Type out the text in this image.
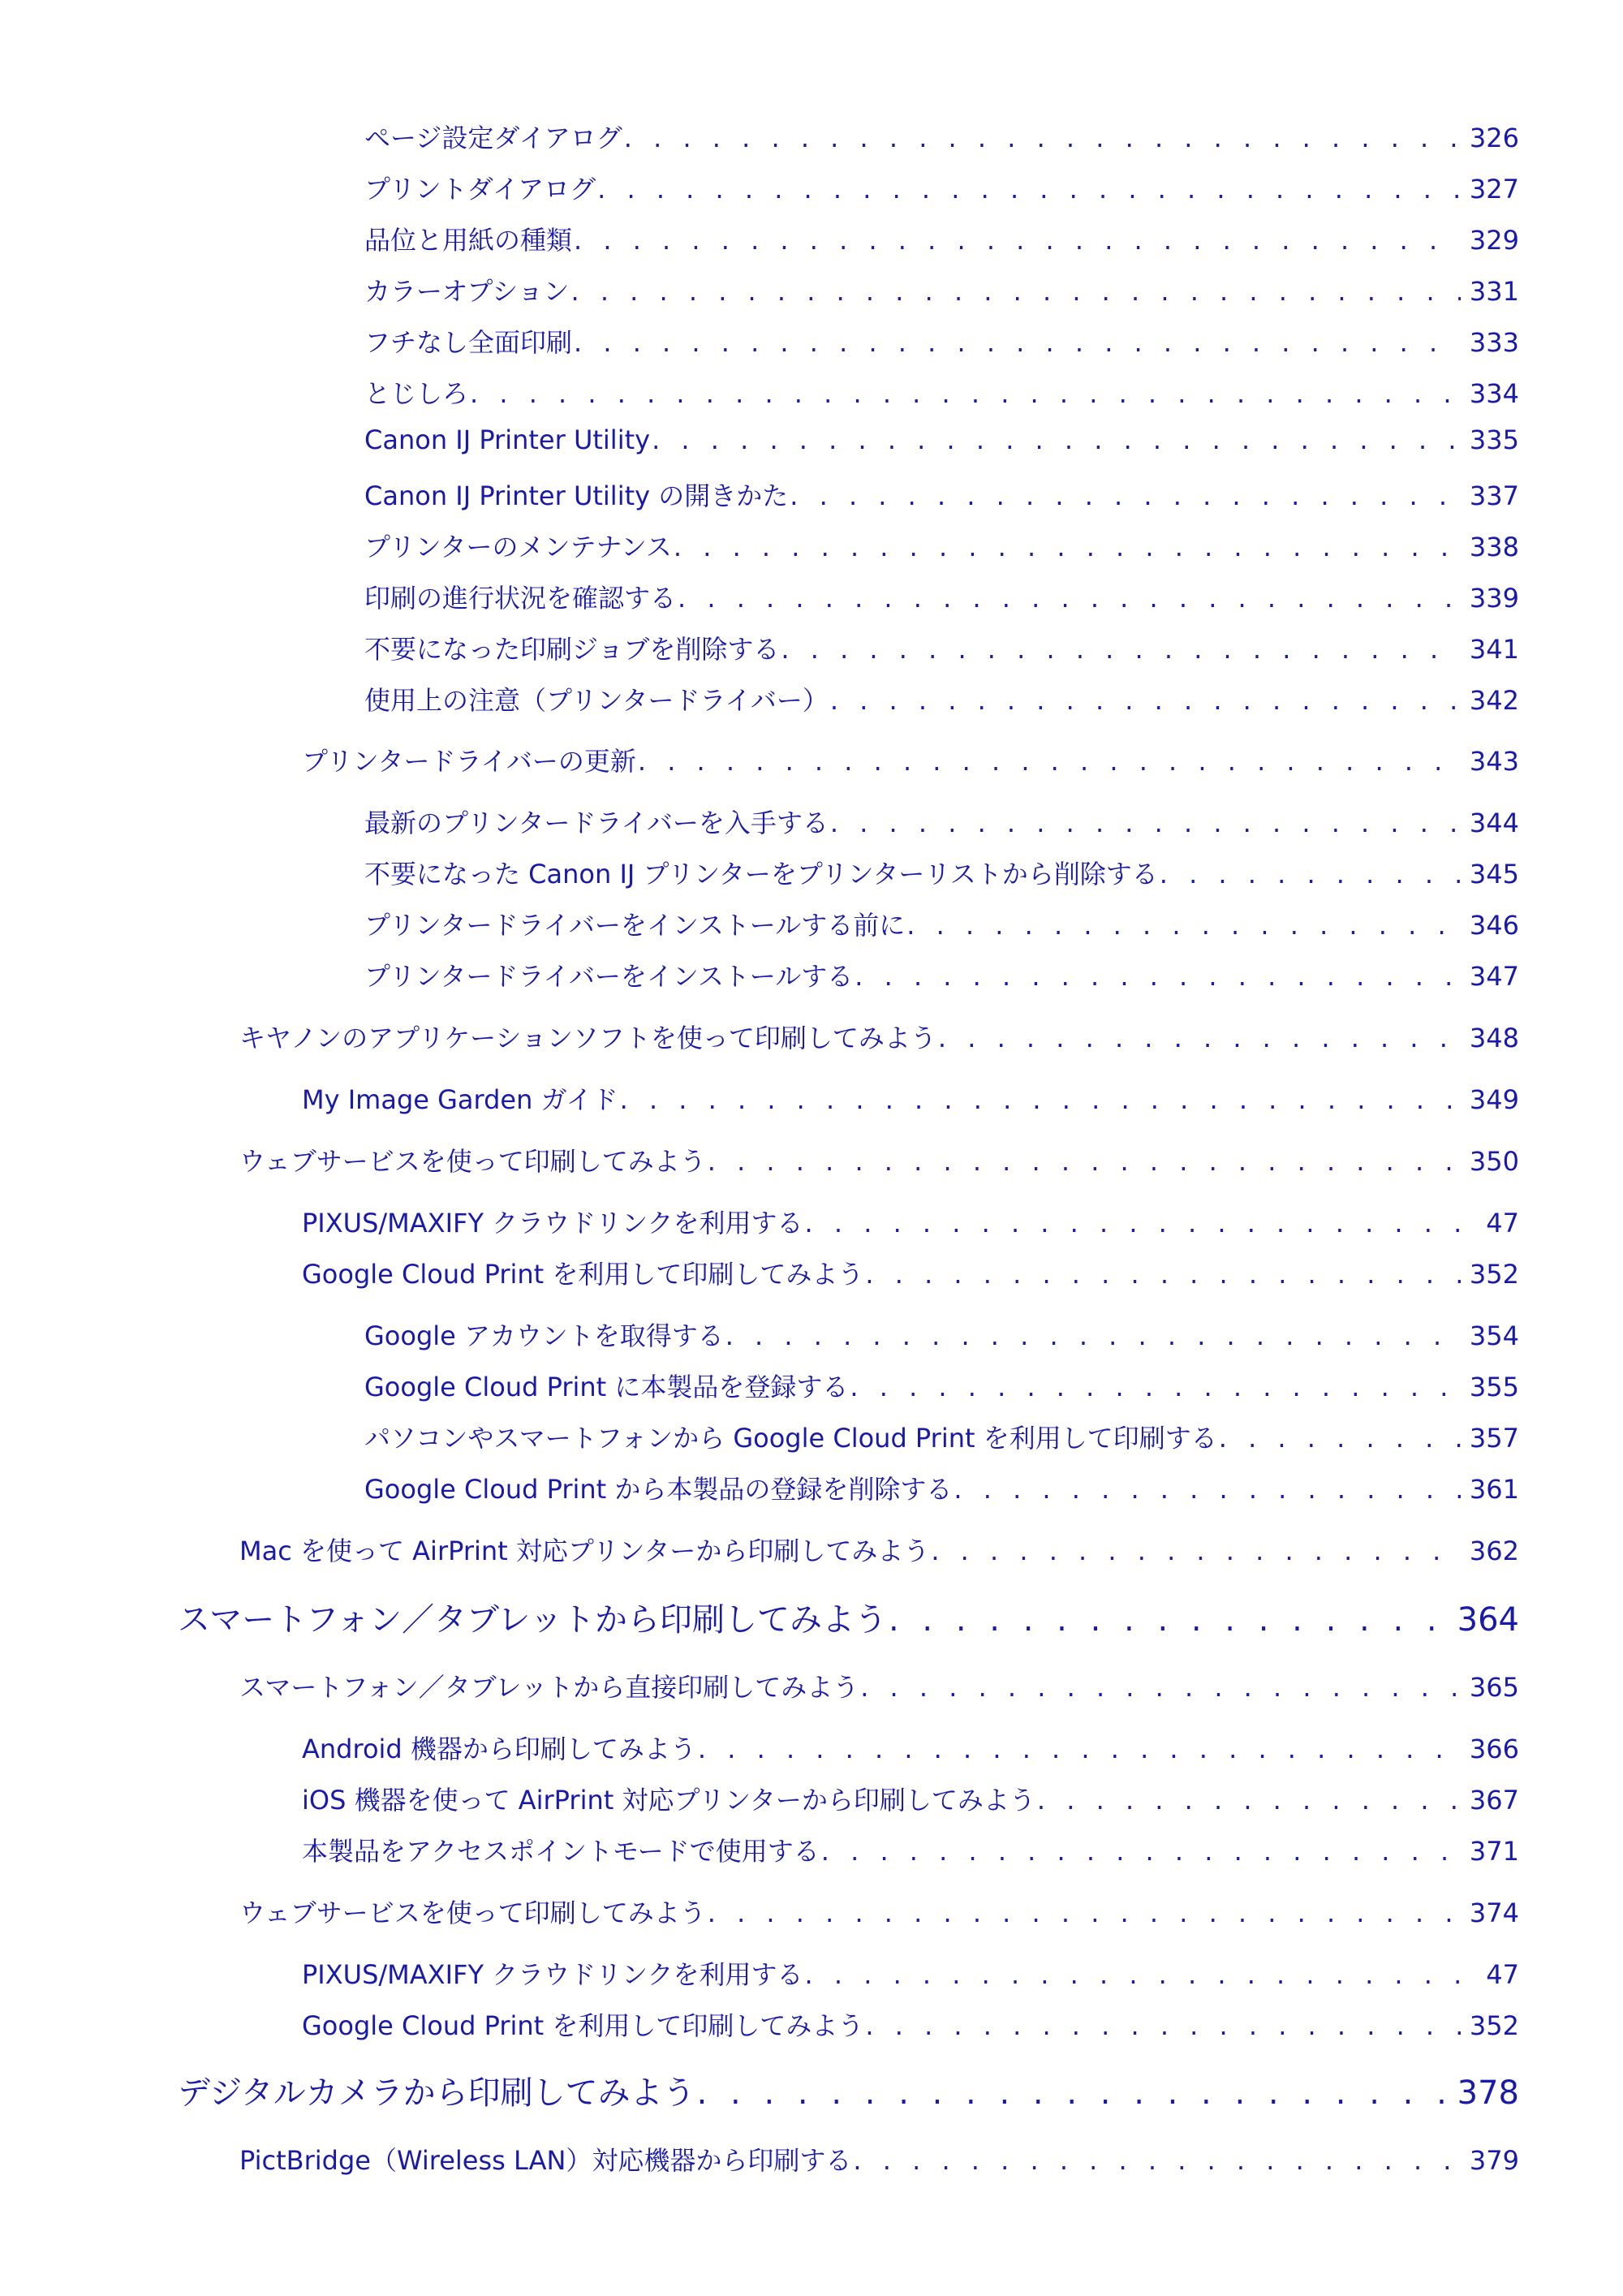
ページ設定ダイアログ . . .	326
プリントダイアログ . . .	327
品位と用紙の種類 . . .	329
カラーオプション . . .	331
フチなし全面印刷 . . .	333
とじしろ . . .	334
Canon IJ Printer Utility . . .	335
Canon IJ Printer Utility の開きかた . . .	337
プリンターのメンテナンス . . .	338
印刷の進行状況を確認する . . .	339
不要になった印刷ジョブを削除する . . .	341
使用上の注意（プリンタードライバー） . . .	342
プリンタードライバーの更新 . . .	343
最新のプリンタードライバーを入手する . . .	344
不要になった Canon IJ プリンターをプリンターリストから削除する . . .	345
プリンタードライバーをインストールする前に . . .	346
プリンタードライバーをインストールする . . .	347
キヤノンのアプリケーションソフトを使って印刷してみよう . . .	348
My Image Garden ガイド . . .	349
ウェブサービスを使って印刷してみよう . . .	350
PIXUS/MAXIFY クラウドリンクを利用する . . .	47
Google Cloud Print を利用して印刷してみよう . . .	352
Google アカウントを取得する . . .	354
Google Cloud Print に本製品を登録する . . .	355
パソコンやスマートフォンから Google Cloud Print を利用して印刷する . . .	357
Google Cloud Print から本製品の登録を削除する . . .	361
Mac を使って AirPrint 対応プリンターから印刷してみよう . . .	362
スマートフォン／タブレットから印刷してみよう . . .	364
スマートフォン／タブレットから直接印刷してみよう . . .	365
Android 機器から印刷してみよう . . .	366
iOS 機器を使って AirPrint 対応プリンターから印刷してみよう . . .	367
本製品をアクセスポイントモードで使用する . . .	371
ウェブサービスを使って印刷してみよう . . .	374
PIXUS/MAXIFY クラウドリンクを利用する . . .	47
Google Cloud Print を利用して印刷してみよう . . .	352
デジタルカメラから印刷してみよう . . .	378
PictBridge（Wireless LAN）対応機器から印刷する . . .	379
